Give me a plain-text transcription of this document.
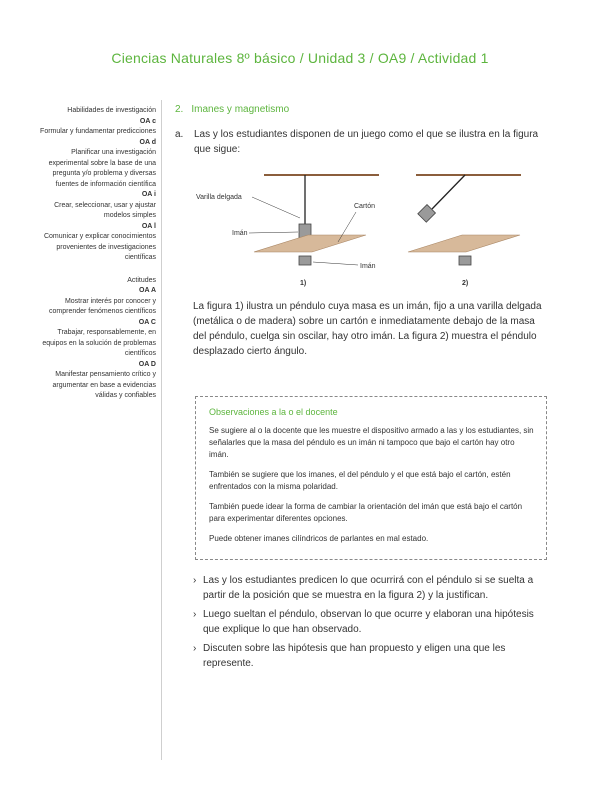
Ciencias Naturales 8º básico / Unidad 3 / OA9 / Actividad 1
Habilidades de investigación
OA c
Formular y fundamentar predicciones
OA d
Planificar una investigación experimental sobre la base de una pregunta y/o problema y diversas fuentes de información científica
OA i
Crear, seleccionar, usar y ajustar modelos simples
OA l
Comunicar y explicar conocimientos provenientes de investigaciones científicas
Actitudes
OA A
Mostrar interés por conocer y comprender fenómenos científicos
OA C
Trabajar, responsablemente, en equipos en la solución de problemas científicos
OA D
Manifestar pensamiento crítico y argumentar en base a evidencias válidas y confiables
2. Imanes y magnetismo
a.	Las y los estudiantes disponen de un juego como el que se ilustra en la figura que sigue:
Varilla delgada
Cartón
Imán
Imán
1)	2)
La figura 1) ilustra un péndulo cuya masa es un imán, fijo a una varilla delgada (metálica o de madera) sobre un cartón e inmediatamente debajo de la masa del péndulo, cuelga sin oscilar, hay otro imán. La figura 2) muestra el péndulo desplazado cierto ángulo.
Observaciones a la o el docente

Se sugiere al o la docente que les muestre el dispositivo armado a las y los estudiantes, sin señalarles que la masa del péndulo es un imán ni tampoco que bajo el cartón hay otro imán.

También se sugiere que los imanes, el del péndulo y el que está bajo el cartón, estén enfrentados con la misma polaridad.

También puede idear la forma de cambiar la orientación del imán que está bajo el cartón para experimentar diferentes opciones.

Puede obtener imanes cilíndricos de parlantes en mal estado.

› Las y los estudiantes predicen lo que ocurrirá con el péndulo si se suelta a partir de la posición que se muestra en la figura 2) y la justifican.
› Luego sueltan el péndulo, observan lo que ocurre y elaboran una hipótesis que explique lo que han observado.
› Discuten sobre las hipótesis que han propuesto y eligen una que les represente.
